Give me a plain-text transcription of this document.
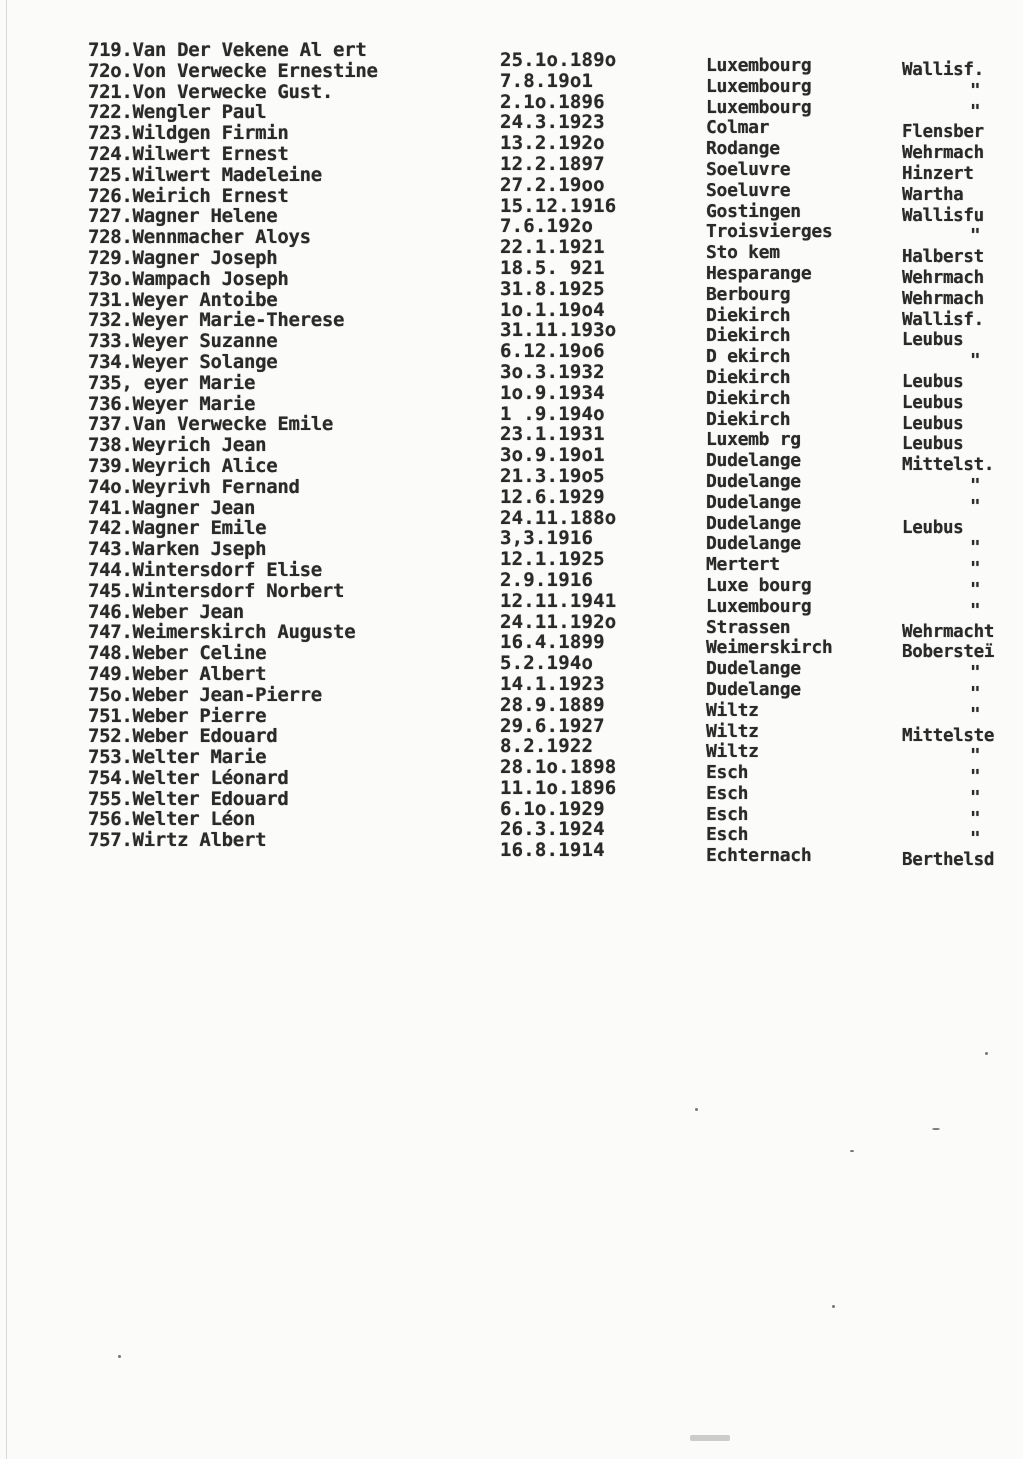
719.Van Der Vekene Al ert
72o.Von Verwecke Ernestine
721.Von Verwecke Gust.
722.Wengler Paul
723.Wildgen Firmin
724.Wilwert Ernest
725.Wilwert Madeleine
726.Weirich Ernest
727.Wagner Helene
728.Wennmacher Aloys
729.Wagner Joseph
73o.Wampach Joseph
731.Weyer Antoibe
732.Weyer Marie-Therese
733.Weyer Suzanne
734.Weyer Solange
735, eyer Marie
736.Weyer Marie
737.Van Verwecke Emile
738.Weyrich Jean
739.Weyrich Alice
74o.Weyrivh Fernand
741.Wagner Jean
742.Wagner Emile
743.Warken Jseph
744.Wintersdorf Elise
745.Wintersdorf Norbert
746.Weber Jean
747.Weimerskirch Auguste
748.Weber Celine
749.Weber Albert
75o.Weber Jean-Pierre
751.Weber Pierre
752.Weber Edouard
753.Welter Marie
754.Welter Léonard
755.Welter Edouard
756.Welter Léon
757.Wirtz Albert
25.1o.189o
7.8.19o1
2.1o.1896
24.3.1923
13.2.192o
12.2.1897
27.2.19oo
15.12.1916
7.6.192o
22.1.1921
18.5. 921
31.8.1925
1o.1.19o4
31.11.193o
6.12.19o6
3o.3.1932
1o.9.1934
1 .9.194o
23.1.1931
3o.9.19o1
21.3.19o5
12.6.1929
24.11.188o
3,3.1916
12.1.1925
2.9.1916
12.11.1941
24.11.192o
16.4.1899
5.2.194o
14.1.1923
28.9.1889
29.6.1927
8.2.1922
28.1o.1898
11.1o.1896
6.1o.1929
26.3.1924
16.8.1914
Luxembourg
Luxembourg
Luxembourg
Colmar
Rodange
Soeluvre
Soeluvre
Gostingen
Troisvierges
Sto kem
Hesparange
Berbourg
Diekirch
Diekirch
D ekirch
Diekirch
Diekirch
Diekirch
Luxemb rg
Dudelange
Dudelange
Dudelange
Dudelange
Dudelange
Mertert
Luxe bourg
Luxembourg
Strassen
Weimerskirch
Dudelange
Dudelange
Wiltz
Wiltz
Wiltz
Esch
Esch
Esch
Esch
Echternach
Wallisf.
"
"
Flensber
Wehrmach
Hinzert
Wartha
Wallisfu
"
Halberst
Wehrmach
Wehrmach
Wallisf.
Leubus
"
Leubus
Leubus
Leubus
Leubus
Mittelst.
"
"
Leubus
"
"
"
"
Wehrmacht
Bobersteï
"
"
"
Mittelste
"
"
"
"
"
Berthelsd
